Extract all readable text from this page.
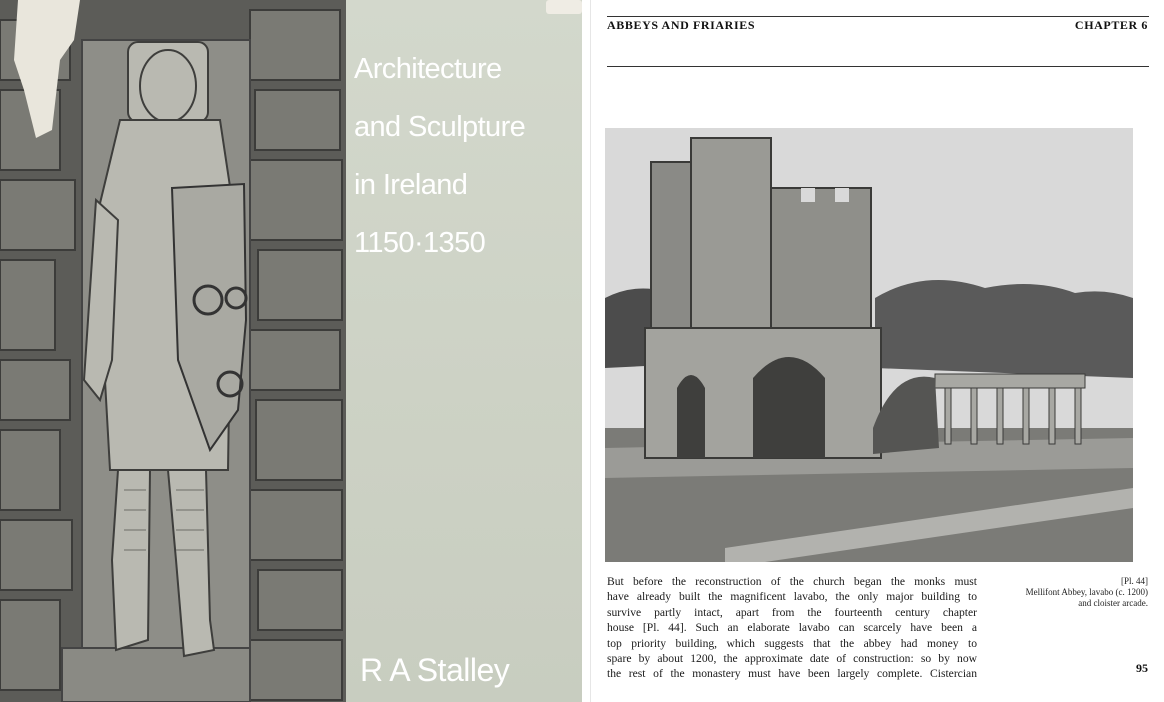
Architecture

and Sculpture

in Ireland

1150·1350

R A Stalley
ABBEYS AND FRIARIES	CHAPTER 6
But before the reconstruction of the church began the monks must
have already built the magnificent lavabo, the only major building to
survive partly intact, apart from the fourteenth century chapter
house [Pl. 44]. Such an elaborate lavabo can scarcely have been a
top priority building, which suggests that the abbey had money to
spare by about 1200, the approximate date of construction: so by now
the rest of the monastery must have been largely complete. Cistercian
[Pl. 44]
Mellifont Abbey, lavabo (c. 1200)
and cloister arcade.
95
